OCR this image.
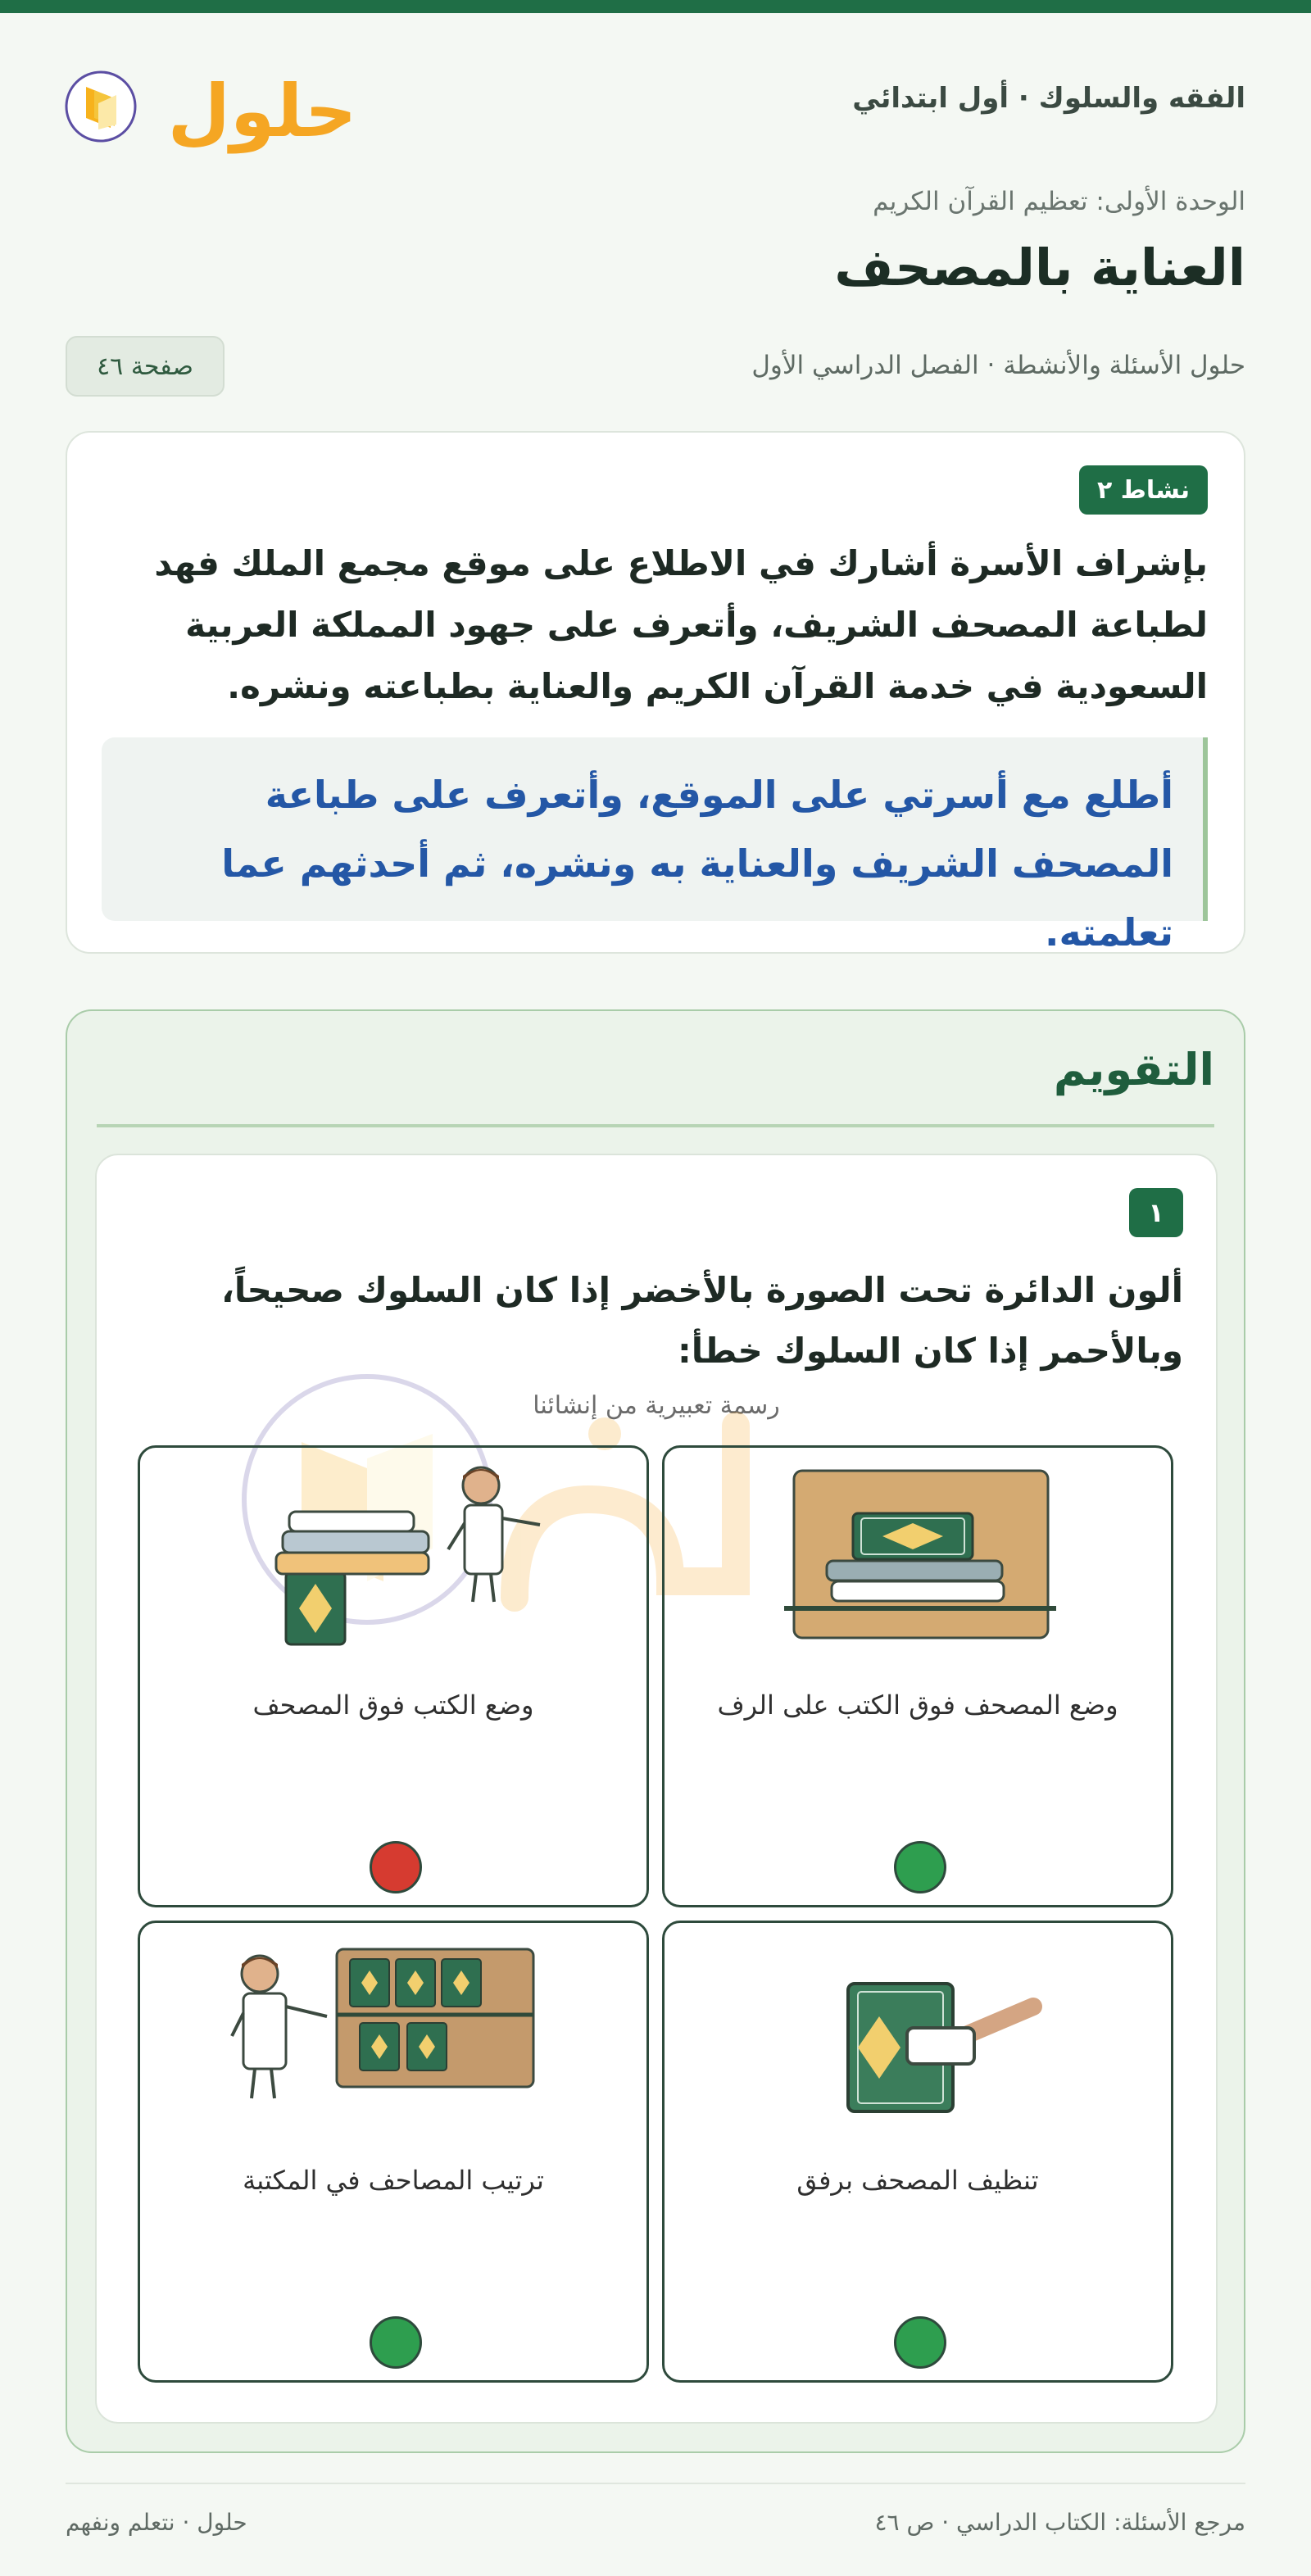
الفقه والسلوك · أول ابتدائي
حلول
الوحدة الأولى: تعظيم القرآن الكريم
العناية بالمصحف
حلول الأسئلة والأنشطة · الفصل الدراسي الأول
صفحة ٤٦
نشاط ٢
بإشراف الأسرة أشارك في الاطلاع على موقع مجمع الملك فهد لطباعة المصحف الشريف، وأتعرف على جهود المملكة العربية السعودية في خدمة القرآن الكريم والعناية بطباعته ونشره.
أطلع مع أسرتي على الموقع، وأتعرف على طباعة المصحف الشريف والعناية به ونشره، ثم أحدثهم عما تعلمته.
التقويم
١
ألون الدائرة تحت الصورة بالأخضر إذا كان السلوك صحيحاً، وبالأحمر إذا كان السلوك خطأ:
رسمة تعبيرية من إنشائنا
وضع المصحف فوق الكتب على الرف
وضع الكتب فوق المصحف
تنظيف المصحف برفق
ترتيب المصاحف في المكتبة
مرجع الأسئلة: الكتاب الدراسي · ص ٤٦
حلول · نتعلم ونفهم
